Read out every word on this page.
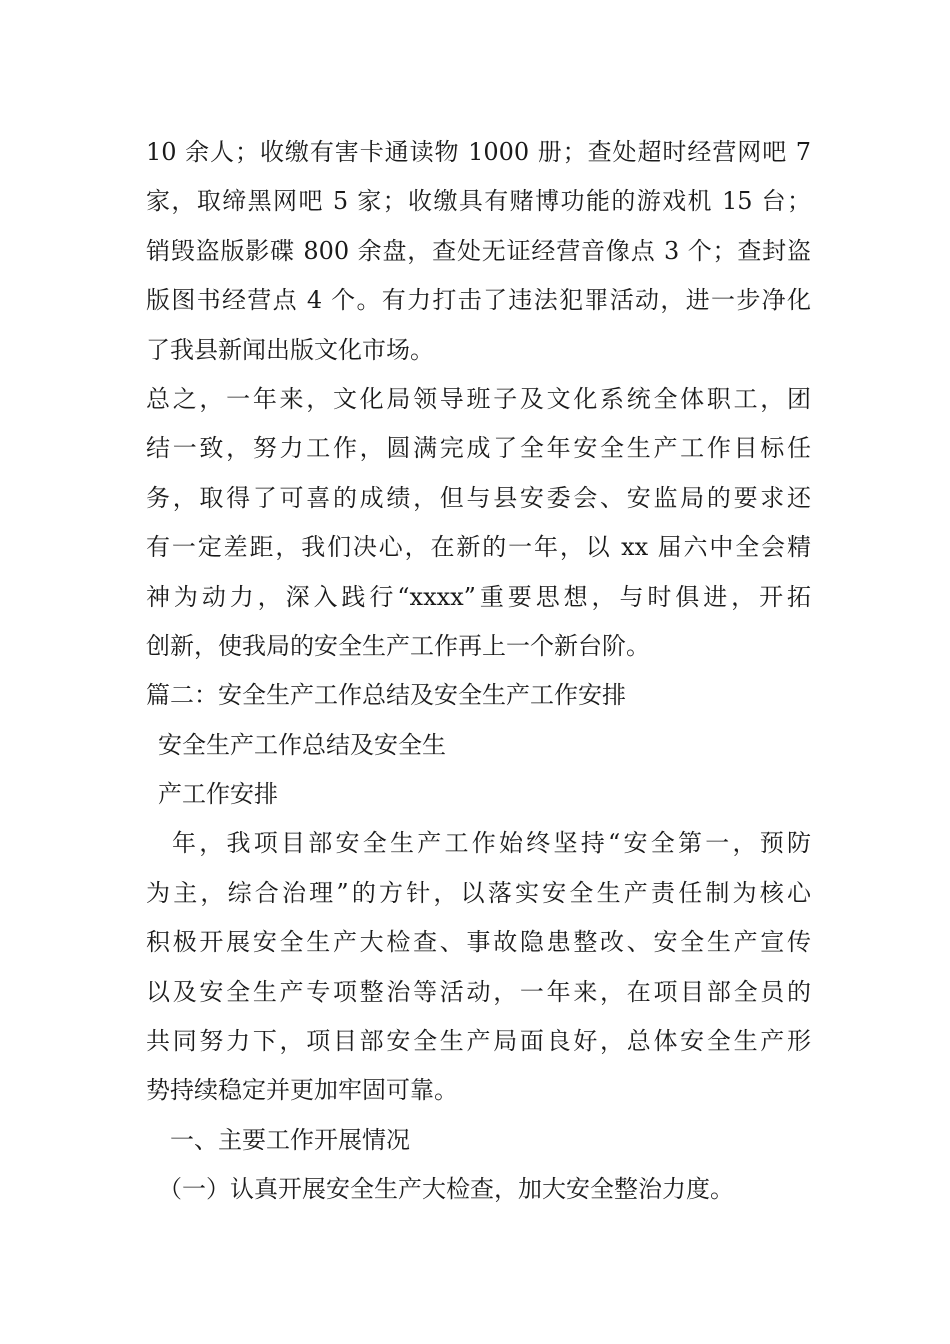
10 余人；收缴有害卡通读物 1000 册；查处超时经营网吧 7
家，取缔黑网吧 5 家；收缴具有赌博功能的游戏机 15 台；
销毁盗版影碟 800 余盘，查处无证经营音像点 3 个；查封盗
版图书经营点 4 个。有力打击了违法犯罪活动，进一步净化
了我县新闻出版文化市场。
总之，一年来，文化局领导班子及文化系统全体职工，团
结一致，努力工作，圆满完成了全年安全生产工作目标任
务，取得了可喜的成绩，但与县安委会、安监局的要求还
有一定差距，我们决心，在新的一年，以 xx 届六中全会精
神为动力，深入践行“xxxx”重要思想，与时俱进，开拓
创新，使我局的安全生产工作再上一个新台阶。
篇二：安全生产工作总结及安全生产工作安排
安全生产工作总结及安全生
产工作安排
年，我项目部安全生产工作始终坚持“安全第一，预防
为主，综合治理”的方针，以落实安全生产责任制为核心
积极开展安全生产大检查、事故隐患整改、安全生产宣传
以及安全生产专项整治等活动，一年来，在项目部全员的
共同努力下，项目部安全生产局面良好，总体安全生产形
势持续稳定并更加牢固可靠。
一、主要工作开展情况
（一）认真开展安全生产大检查，加大安全整治力度。
